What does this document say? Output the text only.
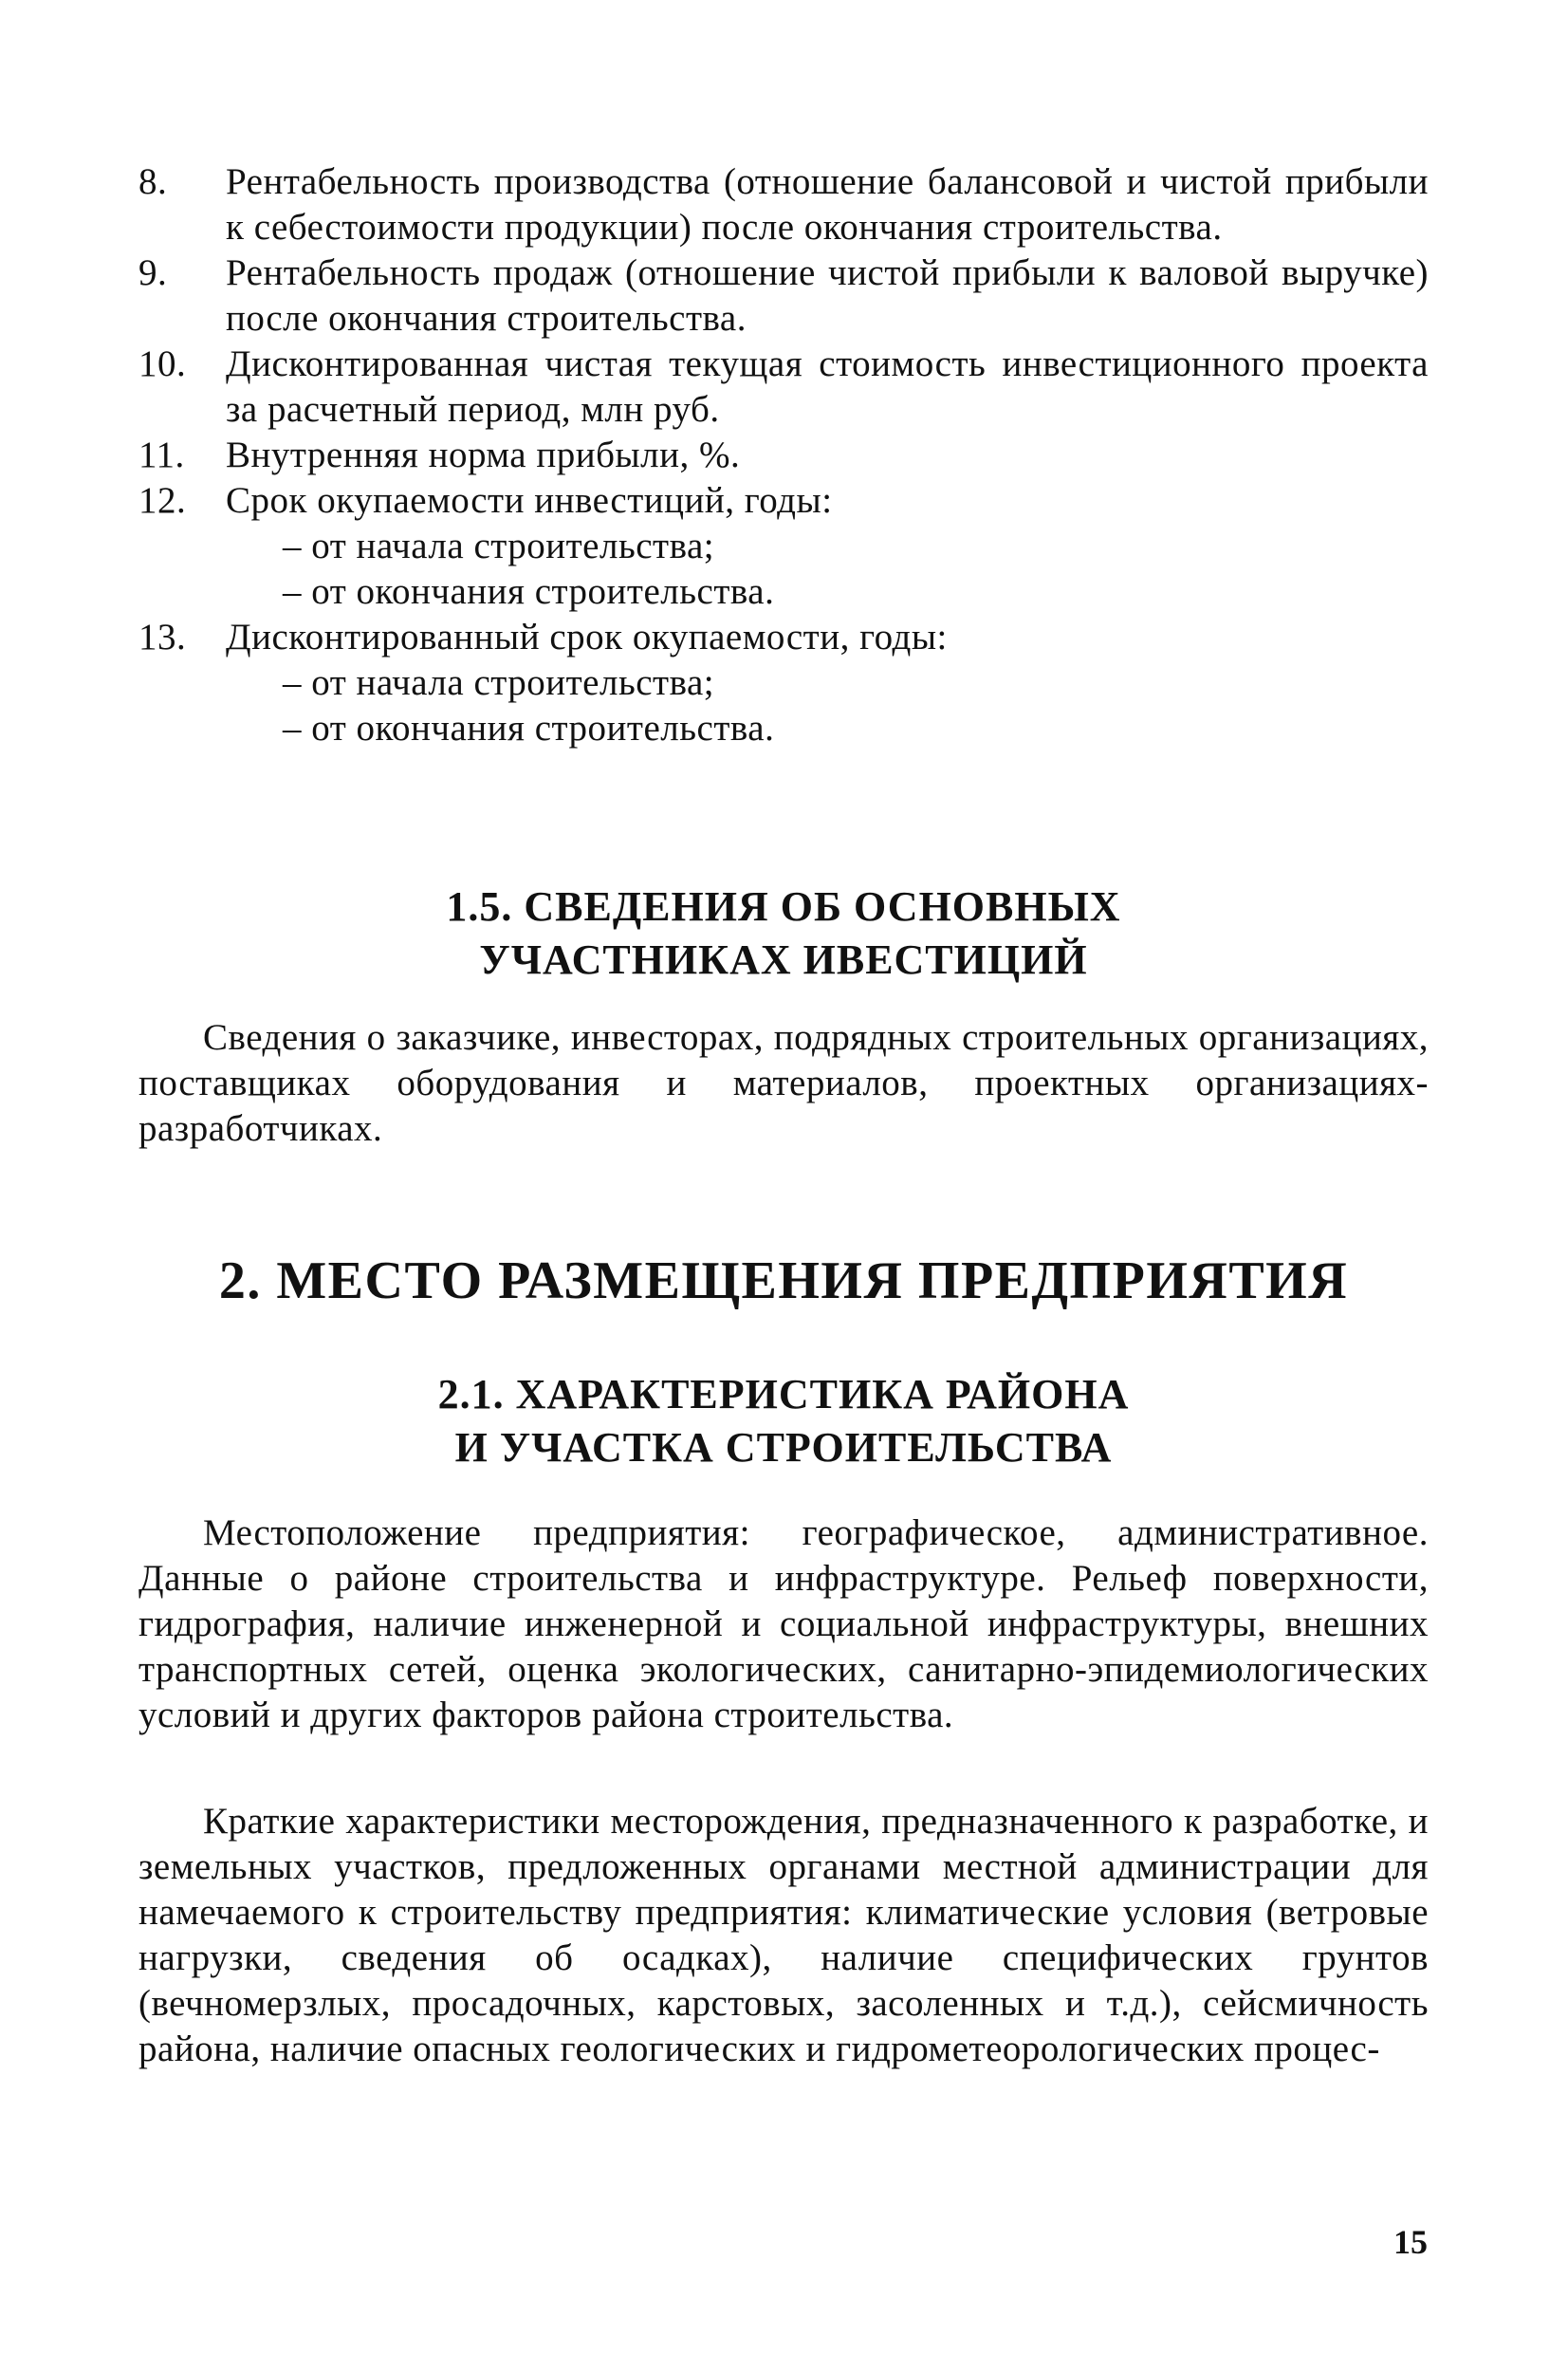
8.	Рентабельность производства (отношение балансовой и чистой прибыли к себестоимости продукции) после окончания строительства.
9.	Рентабельность продаж (отношение чистой прибыли к валовой выручке) после окончания строительства.
10.	Дисконтированная чистая текущая стоимость инвестиционного проекта за расчетный период, млн руб.
11.	Внутренняя норма прибыли, %.
12.	Срок окупаемости инвестиций, годы:
– от начала строительства;
– от окончания строительства.
13.	Дисконтированный срок окупаемости, годы:
– от начала строительства;
– от окончания строительства.
1.5. СВЕДЕНИЯ ОБ ОСНОВНЫХ
УЧАСТНИКАХ ИВЕСТИЦИЙ

Сведения о заказчике, инвесторах, подрядных строительных организациях, поставщиках оборудования и материалов, проектных организациях-разработчиках.

2. МЕСТО РАЗМЕЩЕНИЯ ПРЕДПРИЯТИЯ
2.1. ХАРАКТЕРИСТИКА РАЙОНА
И УЧАСТКА СТРОИТЕЛЬСТВА

Местоположение предприятия: географическое, административное. Данные о районе строительства и инфраструктуре. Рельеф поверхности, гидрография, наличие инженерной и социальной инфраструктуры, внешних транспортных сетей, оценка экологических, санитарно-эпидемиологических условий и других факторов района строительства.

Краткие характеристики месторождения, предназначенного к разработке, и земельных участков, предложенных органами местной администрации для намечаемого к строительству предприятия: климатические условия (ветровые нагрузки, сведения об осадках), наличие специфических грунтов (вечномерзлых, просадочных, карстовых, засоленных и т.д.), сейсмичность района, наличие опасных геологических и гидрометеорологических процес-

15
